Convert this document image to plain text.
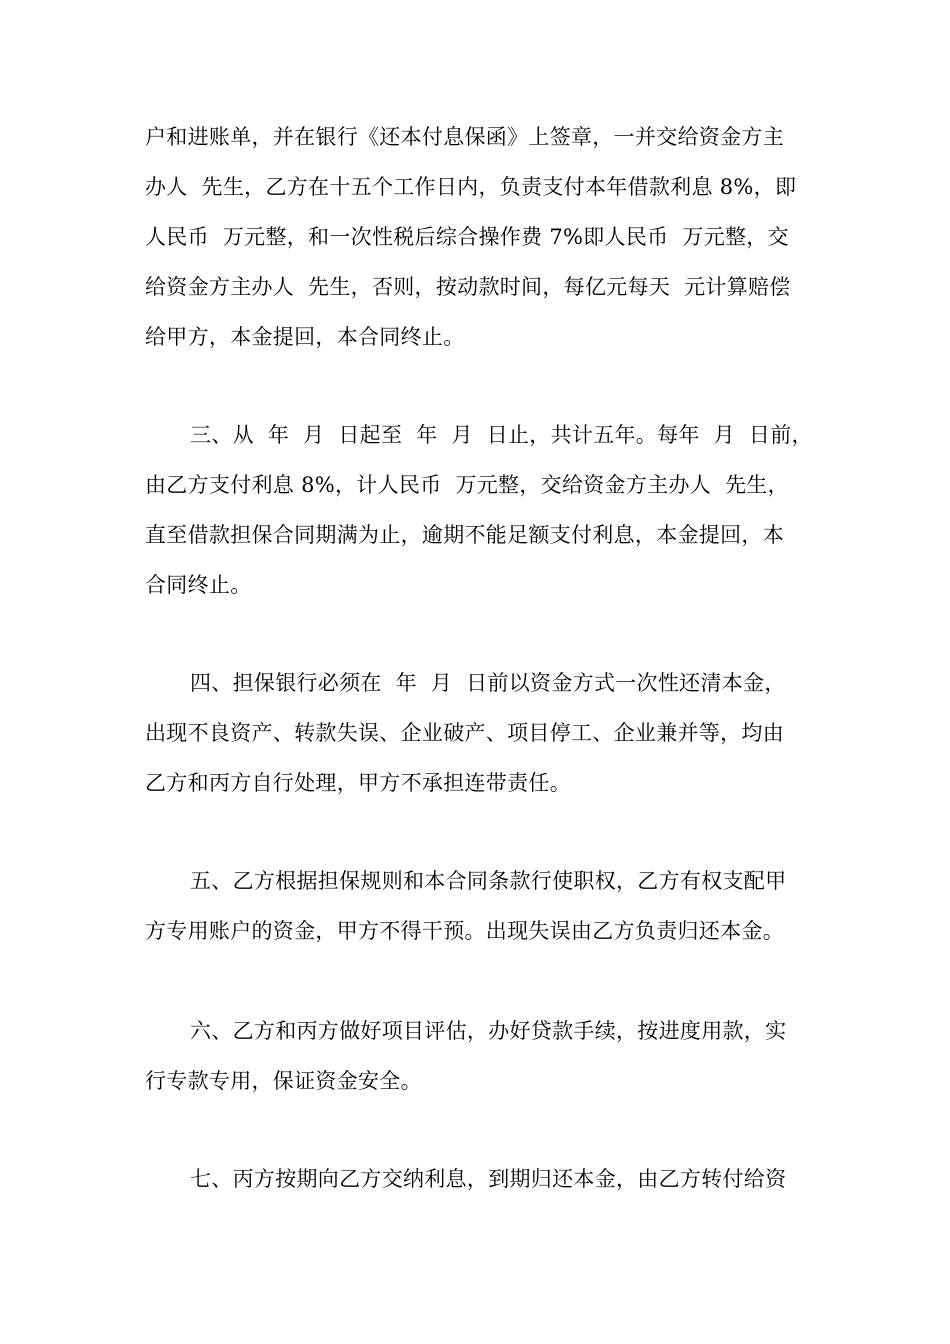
户和进账单，并在银行《还本付息保函》上签章，一并交给资金方主
办人  先生，乙方在十五个工作日内，负责支付本年借款利息 8%，即
人民币  万元整，和一次性税后综合操作费 7%即人民币  万元整，交
给资金方主办人  先生，否则，按动款时间，每亿元每天  元计算赔偿
给甲方，本金提回，本合同终止。
三、从  年  月  日起至  年  月  日止，共计五年。每年  月  日前，
由乙方支付利息 8%，计人民币  万元整，交给资金方主办人  先生，
直至借款担保合同期满为止，逾期不能足额支付利息，本金提回，本
合同终止。
四、担保银行必须在  年  月  日前以资金方式一次性还清本金，
出现不良资产、转款失误、企业破产、项目停工、企业兼并等，均由
乙方和丙方自行处理，甲方不承担连带责任。
五、乙方根据担保规则和本合同条款行使职权，乙方有权支配甲
方专用账户的资金，甲方不得干预。出现失误由乙方负责归还本金。
六、乙方和丙方做好项目评估，办好贷款手续，按进度用款，实
行专款专用，保证资金安全。
七、丙方按期向乙方交纳利息，到期归还本金，由乙方转付给资
